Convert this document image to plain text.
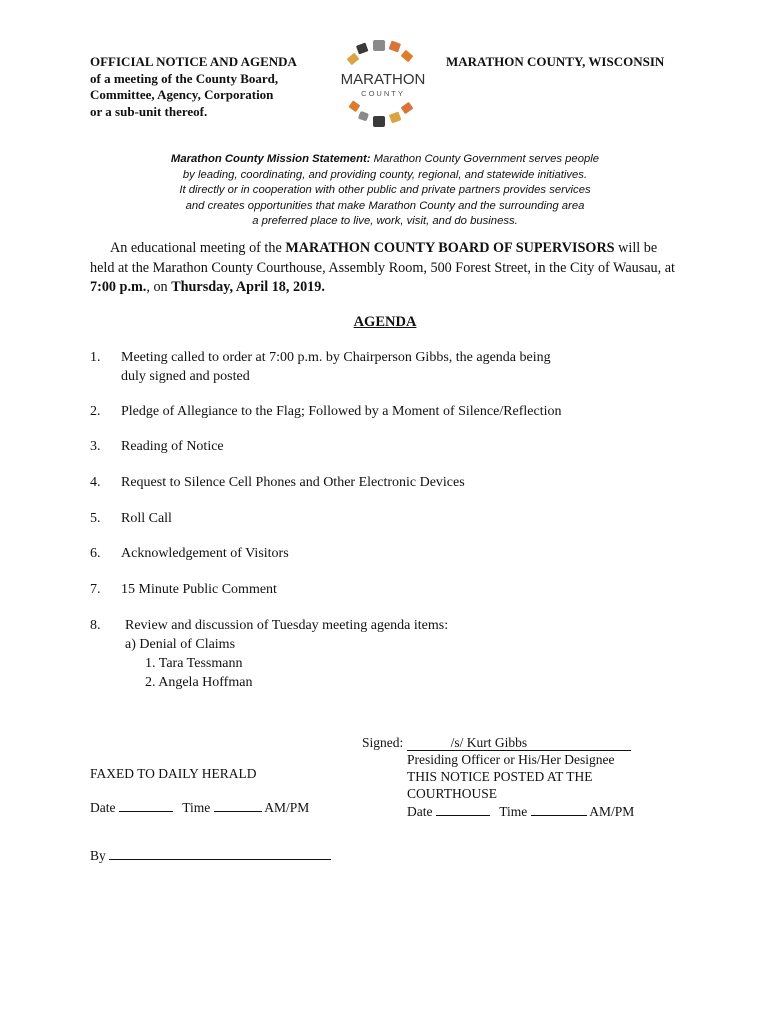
OFFICIAL NOTICE AND AGENDA
of a meeting of the County Board,
Committee, Agency, Corporation
or a sub-unit thereof.
MARATHON
COUNTY
MARATHON COUNTY, WISCONSIN
Marathon County Mission Statement: Marathon County Government serves people
by leading, coordinating, and providing county, regional, and statewide initiatives.
It directly or in cooperation with other public and private partners provides services
and creates opportunities that make Marathon County and the surrounding area
a preferred place to live, work, visit, and do business.
An educational meeting of the MARATHON COUNTY BOARD OF SUPERVISORS will be held at the Marathon County Courthouse, Assembly Room, 500 Forest Street, in the City of Wausau, at 7:00 p.m., on Thursday, April 18, 2019.
AGENDA
1. Meeting called to order at 7:00 p.m. by Chairperson Gibbs, the agenda being
duly signed and posted
2. Pledge of Allegiance to the Flag; Followed by a Moment of Silence/Reflection
3. Reading of Notice
4. Request to Silence Cell Phones and Other Electronic Devices
5. Roll Call
6. Acknowledgement of Visitors
7. 15 Minute Public Comment
8. Review and discussion of Tuesday meeting agenda items:
a) Denial of Claims
1. Tara Tessmann
2. Angela Hoffman
Signed:	/s/ Kurt Gibbs
Presiding Officer or His/Her Designee
THIS NOTICE POSTED AT THE
COURTHOUSE
Date	Time	AM/PM
FAXED TO DAILY HERALD
Date	Time	AM/PM
By
